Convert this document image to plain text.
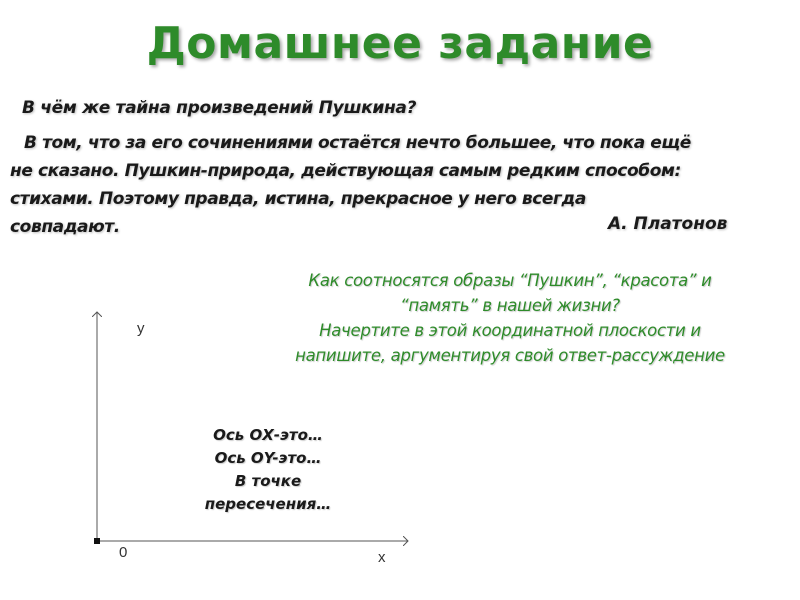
Домашнее задание
В чём же тайна произведений Пушкина?
В том, что за его сочинениями остаётся нечто большее, что пока ещё
не сказано. Пушкин-природа, действующая самым редким способом:
стихами. Поэтому правда, истина, прекрасное у него всегда
совпадают.	А. Платонов
Как соотносятся образы “Пушкин”, “красота” и
“память” в нашей жизни?
Начертите в этой координатной плоскости и
напишите, аргументируя свой ответ-рассуждение
y
x
0
Ось ОХ-это…
Ось ОY-это…
В точке
пересечения…
